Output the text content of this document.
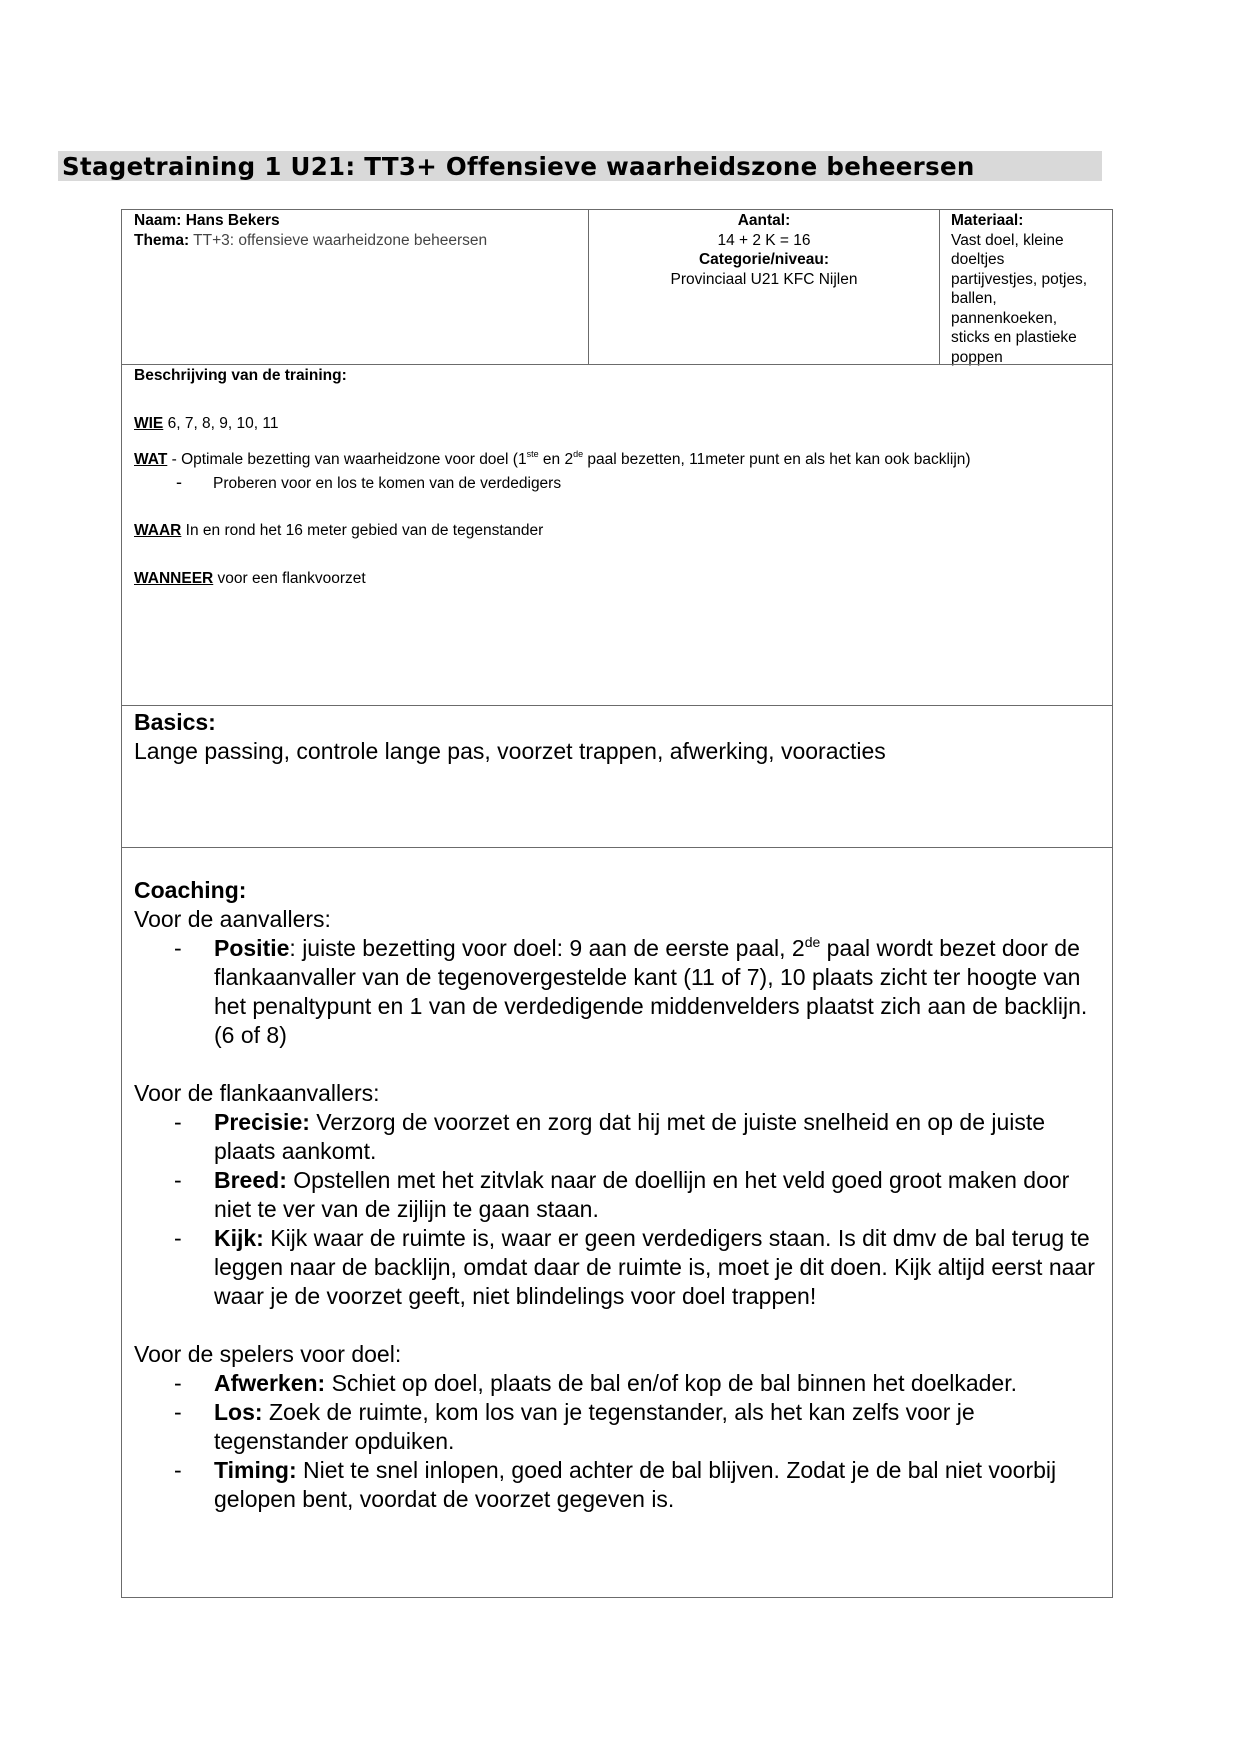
Stagetraining 1 U21: TT3+ Offensieve waarheidszone beheersen
Naam: Hans Bekers
Thema: TT+3: offensieve waarheidzone beheersen
Aantal:
14 + 2 K = 16
Categorie/niveau:
Provinciaal U21 KFC Nijlen
Materiaal:
Vast doel, kleine
doeltjes
partijvestjes, potjes,
ballen,
pannenkoeken,
sticks en plastieke
poppen
Beschrijving van de training:
WIE 6, 7, 8, 9, 10, 11
WAT - Optimale bezetting van waarheidzone voor doel (1ste en 2de paal bezetten, 11meter punt en als het kan ook backlijn)
- Proberen voor en los te komen van de verdedigers
WAAR In en rond het 16 meter gebied van de tegenstander
WANNEER voor een flankvoorzet
Basics:
Lange passing, controle lange pas, voorzet trappen, afwerking, vooracties
Coaching:
Voor de aanvallers:
- Positie: juiste bezetting voor doel: 9 aan de eerste paal, 2de paal wordt bezet door de flankaanvaller van de tegenovergestelde kant (11 of 7), 10 plaats zicht ter hoogte van het penaltypunt en 1 van de verdedigende middenvelders plaatst zich aan de backlijn. (6 of 8)
Voor de flankaanvallers:
- Precisie: Verzorg de voorzet en zorg dat hij met de juiste snelheid en op de juiste plaats aankomt.
- Breed: Opstellen met het zitvlak naar de doellijn en het veld goed groot maken door niet te ver van de zijlijn te gaan staan.
- Kijk: Kijk waar de ruimte is, waar er geen verdedigers staan. Is dit dmv de bal terug te leggen naar de backlijn, omdat daar de ruimte is, moet je dit doen. Kijk altijd eerst naar waar je de voorzet geeft, niet blindelings voor doel trappen!
Voor de spelers voor doel:
- Afwerken: Schiet op doel, plaats de bal en/of kop de bal binnen het doelkader.
- Los: Zoek de ruimte, kom los van je tegenstander, als het kan zelfs voor je tegenstander opduiken.
- Timing: Niet te snel inlopen, goed achter de bal blijven. Zodat je de bal niet voorbij gelopen bent, voordat de voorzet gegeven is.
